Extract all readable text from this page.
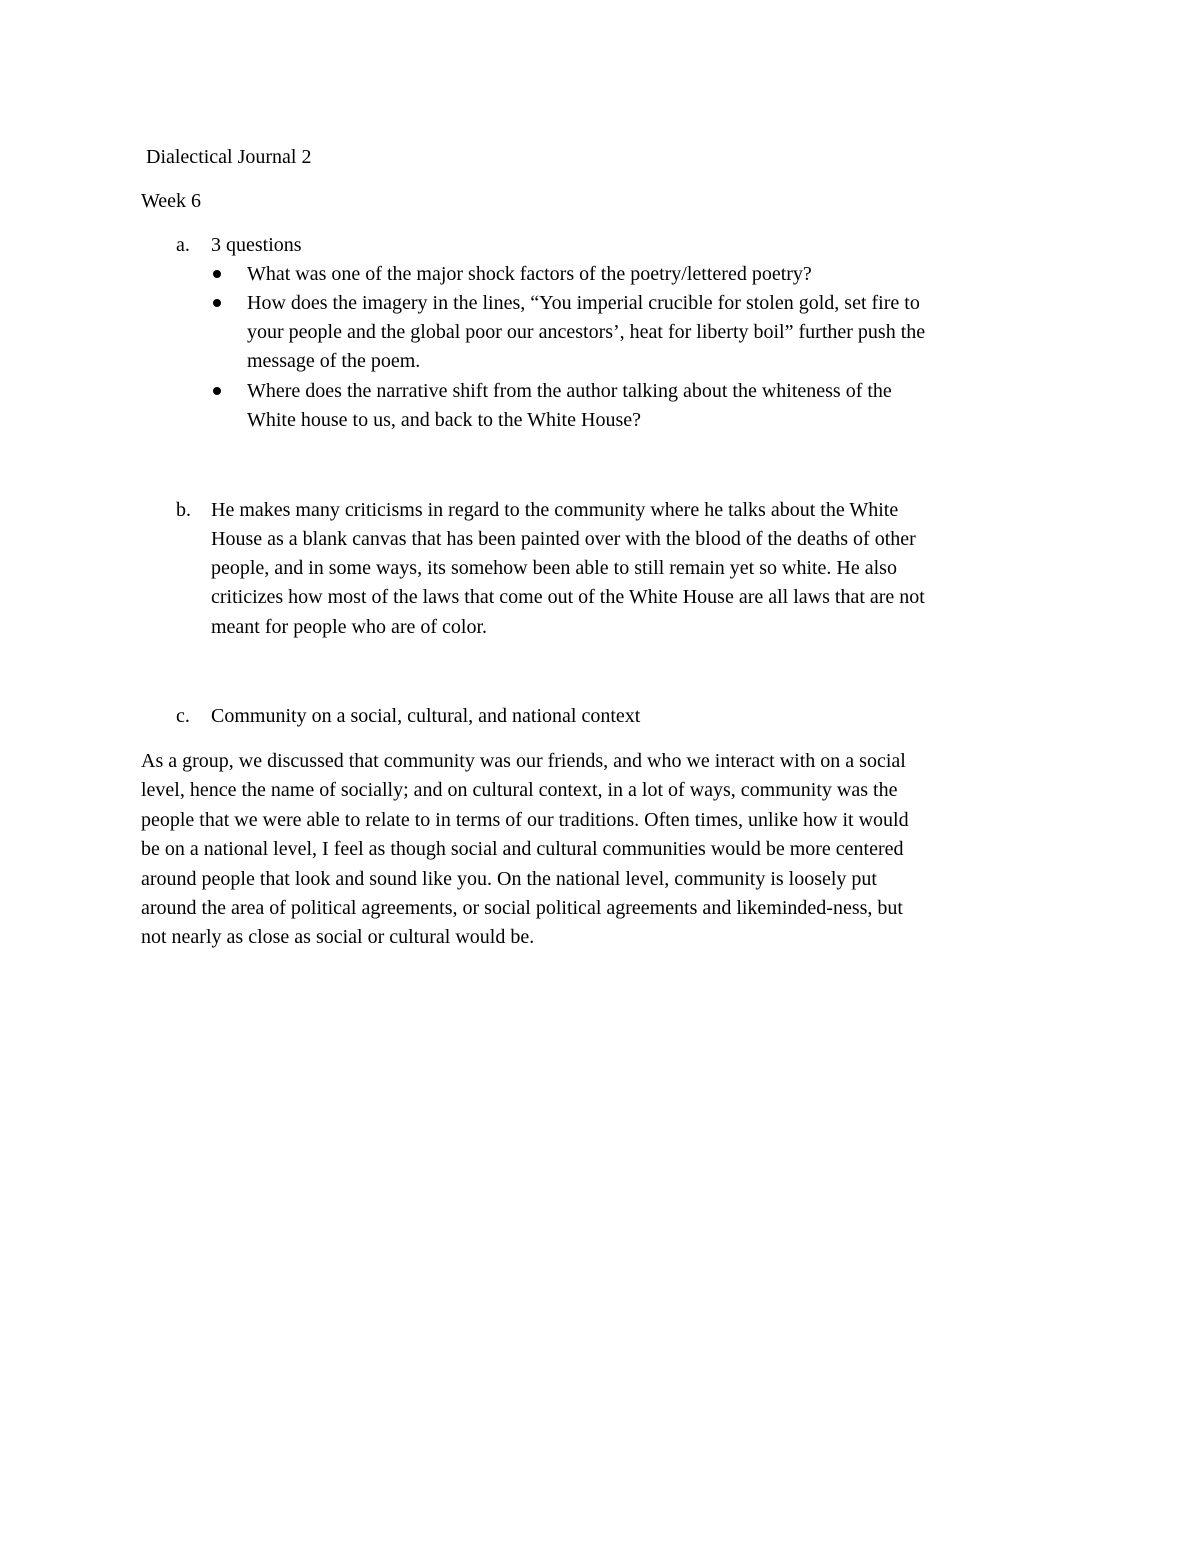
Dialectical Journal 2

Week 6

a. 3 questions

What was one of the major shock factors of the poetry/lettered poetry?

How does the imagery in the lines, “You imperial crucible for stolen gold, set fire to

your people and the global poor our ancestors’, heat for liberty boil” further push the

message of the poem.

Where does the narrative shift from the author talking about the whiteness of the

White house to us, and back to the White House?

b. He makes many criticisms in regard to the community where he talks about the White

House as a blank canvas that has been painted over with the blood of the deaths of other

people, and in some ways, its somehow been able to still remain yet so white. He also

criticizes how most of the laws that come out of the White House are all laws that are not

meant for people who are of color.

c. Community on a social, cultural, and national context

As a group, we discussed that community was our friends, and who we interact with on a social

level, hence the name of socially; and on cultural context, in a lot of ways, community was the

people that we were able to relate to in terms of our traditions. Often times, unlike how it would

be on a national level, I feel as though social and cultural communities would be more centered

around people that look and sound like you. On the national level, community is loosely put

around the area of political agreements, or social political agreements and likeminded-ness, but

not nearly as close as social or cultural would be.
